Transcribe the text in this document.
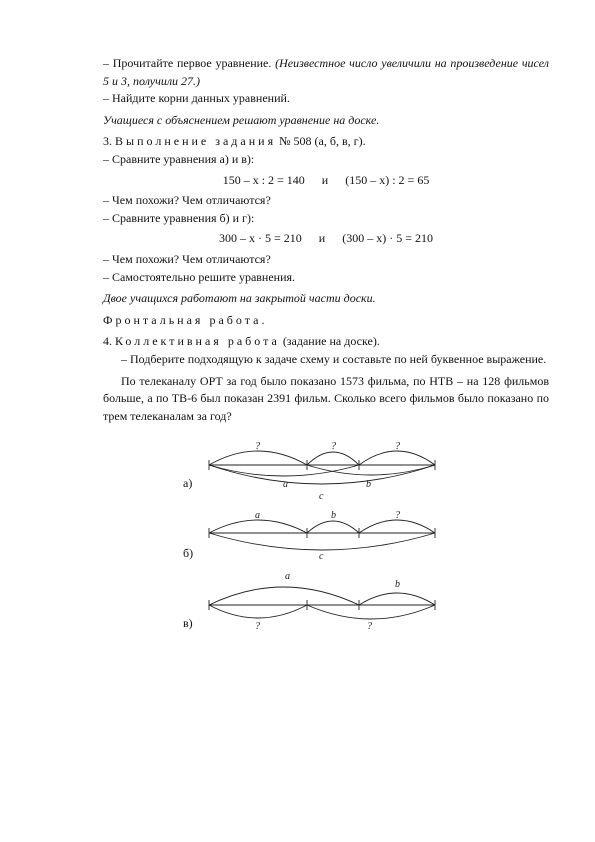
– Прочитайте первое уравнение. (Неизвестное число увеличили на произведение чисел 5 и 3, получили 27.)

– Найдите корни данных уравнений.

Учащиеся с объяснением решают уравнение на доске.

3. Выполнение задания № 508 (а, б, в, г).

– Сравните уравнения а) и в):

150 – x : 2 = 140 и (150 – x) : 2 = 65

– Чем похожи? Чем отличаются?

– Сравните уравнения б) и г):

300 – x · 5 = 210 и (300 – x) · 5 = 210

– Чем похожи? Чем отличаются?

– Самостоятельно решите уравнения.

Двое учащихся работают на закрытой части доски.

Фронтальная работа.

4. Коллективная работа (задание на доске).

– Подберите подходящую к задаче схему и составьте по ней буквенное выражение.

По телеканалу ОРТ за год было показано 1573 фильма, по НТВ – на 128 фильмов больше, а по ТВ-6 был показан 2391 фильм. Сколько всего фильмов было показано по трем телеканалам за год?

?	?	?
a	b
c
a	b	?
c
a
b
?	?
а)
б)
в)
